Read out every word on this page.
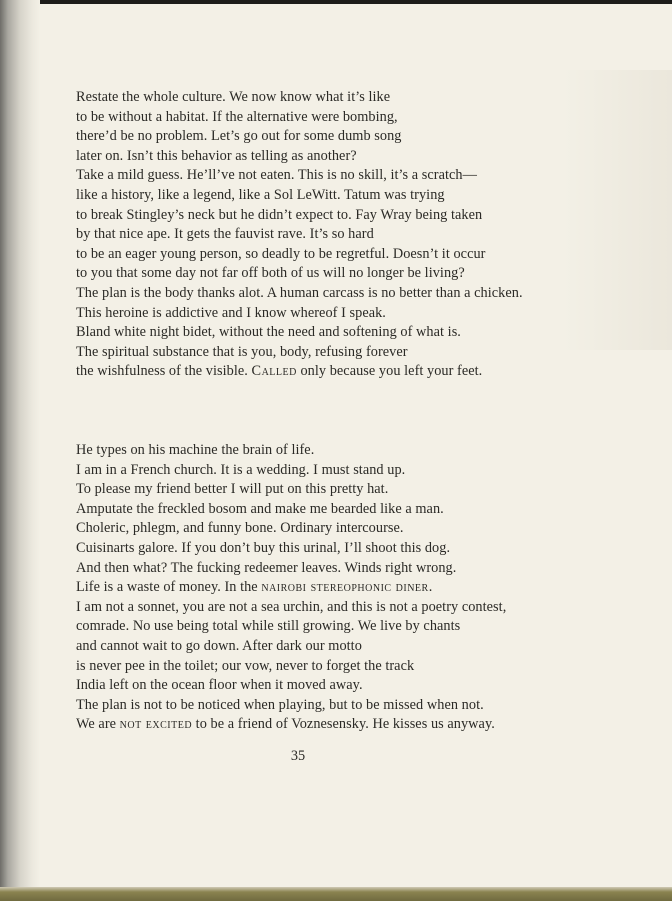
Restate the whole culture. We now know what it’s like
to be without a habitat. If the alternative were bombing,
there’d be no problem. Let’s go out for some dumb song
later on. Isn’t this behavior as telling as another?
Take a mild guess. He’ll’ve not eaten. This is no skill, it’s a scratch—
like a history, like a legend, like a Sol LeWitt. Tatum was trying
to break Stingley’s neck but he didn’t expect to. Fay Wray being taken
by that nice ape. It gets the fauvist rave. It’s so hard
to be an eager young person, so deadly to be regretful. Doesn’t it occur
to you that some day not far off both of us will no longer be living?
The plan is the body thanks alot. A human carcass is no better than a chicken.
This heroine is addictive and I know whereof I speak.
Bland white night bidet, without the need and softening of what is.
The spiritual substance that is you, body, refusing forever
the wishfulness of the visible. Called only because you left your feet.
He types on his machine the brain of life.
I am in a French church. It is a wedding. I must stand up.
To please my friend better I will put on this pretty hat.
Amputate the freckled bosom and make me bearded like a man.
Choleric, phlegm, and funny bone. Ordinary intercourse.
Cuisinarts galore. If you don’t buy this urinal, I’ll shoot this dog.
And then what? The fucking redeemer leaves. Winds right wrong.
Life is a waste of money. In the nairobi stereophonic diner.
I am not a sonnet, you are not a sea urchin, and this is not a poetry contest,
comrade. No use being total while still growing. We live by chants
and cannot wait to go down. After dark our motto
is never pee in the toilet; our vow, never to forget the track
India left on the ocean floor when it moved away.
The plan is not to be noticed when playing, but to be missed when not.
We are not excited to be a friend of Voznesensky. He kisses us anyway.
35
